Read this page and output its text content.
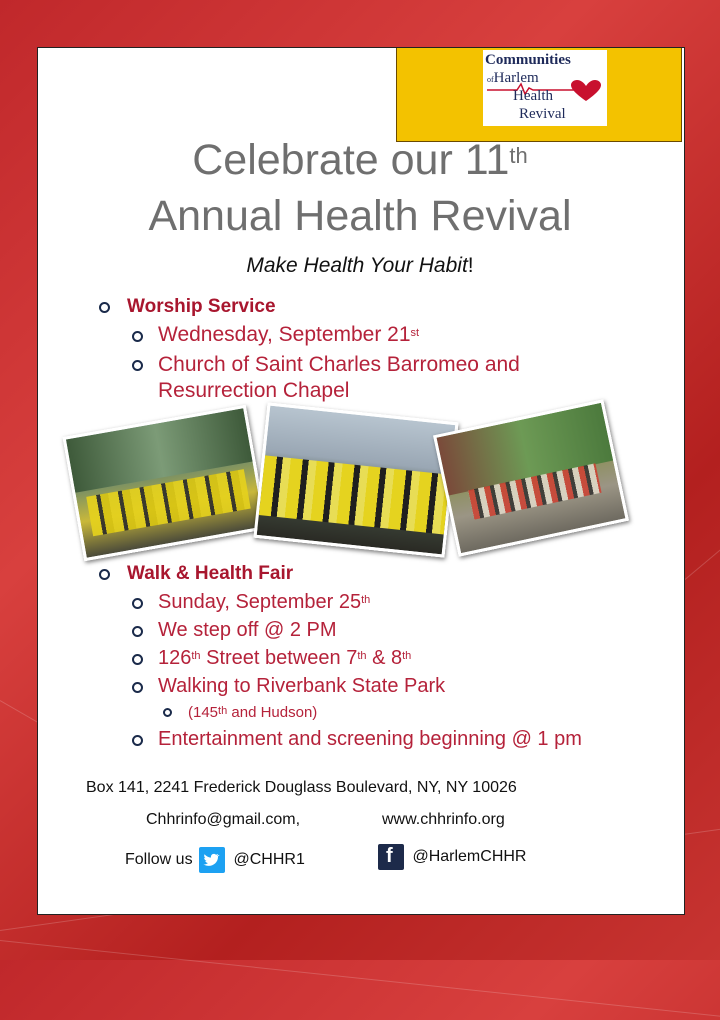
Communities
ofHarlem
Health
Revival
Celebrate our 11th
Annual Health Revival
Make Health Your Habit!
Worship Service
Wednesday, September 21st
Church of Saint Charles Barromeo and
Resurrection Chapel
Walk & Health Fair
Sunday, September 25th
We step off @ 2 PM
126th Street between 7th & 8th
Walking to Riverbank State Park
(145th and Hudson)
Entertainment and screening beginning @ 1 pm
Box 141, 2241 Frederick Douglass Boulevard, NY, NY 10026
Chhrinfo@gmail.com,	www.chhrinfo.org
Follow us	@CHHR1	f @HarlemCHHR
